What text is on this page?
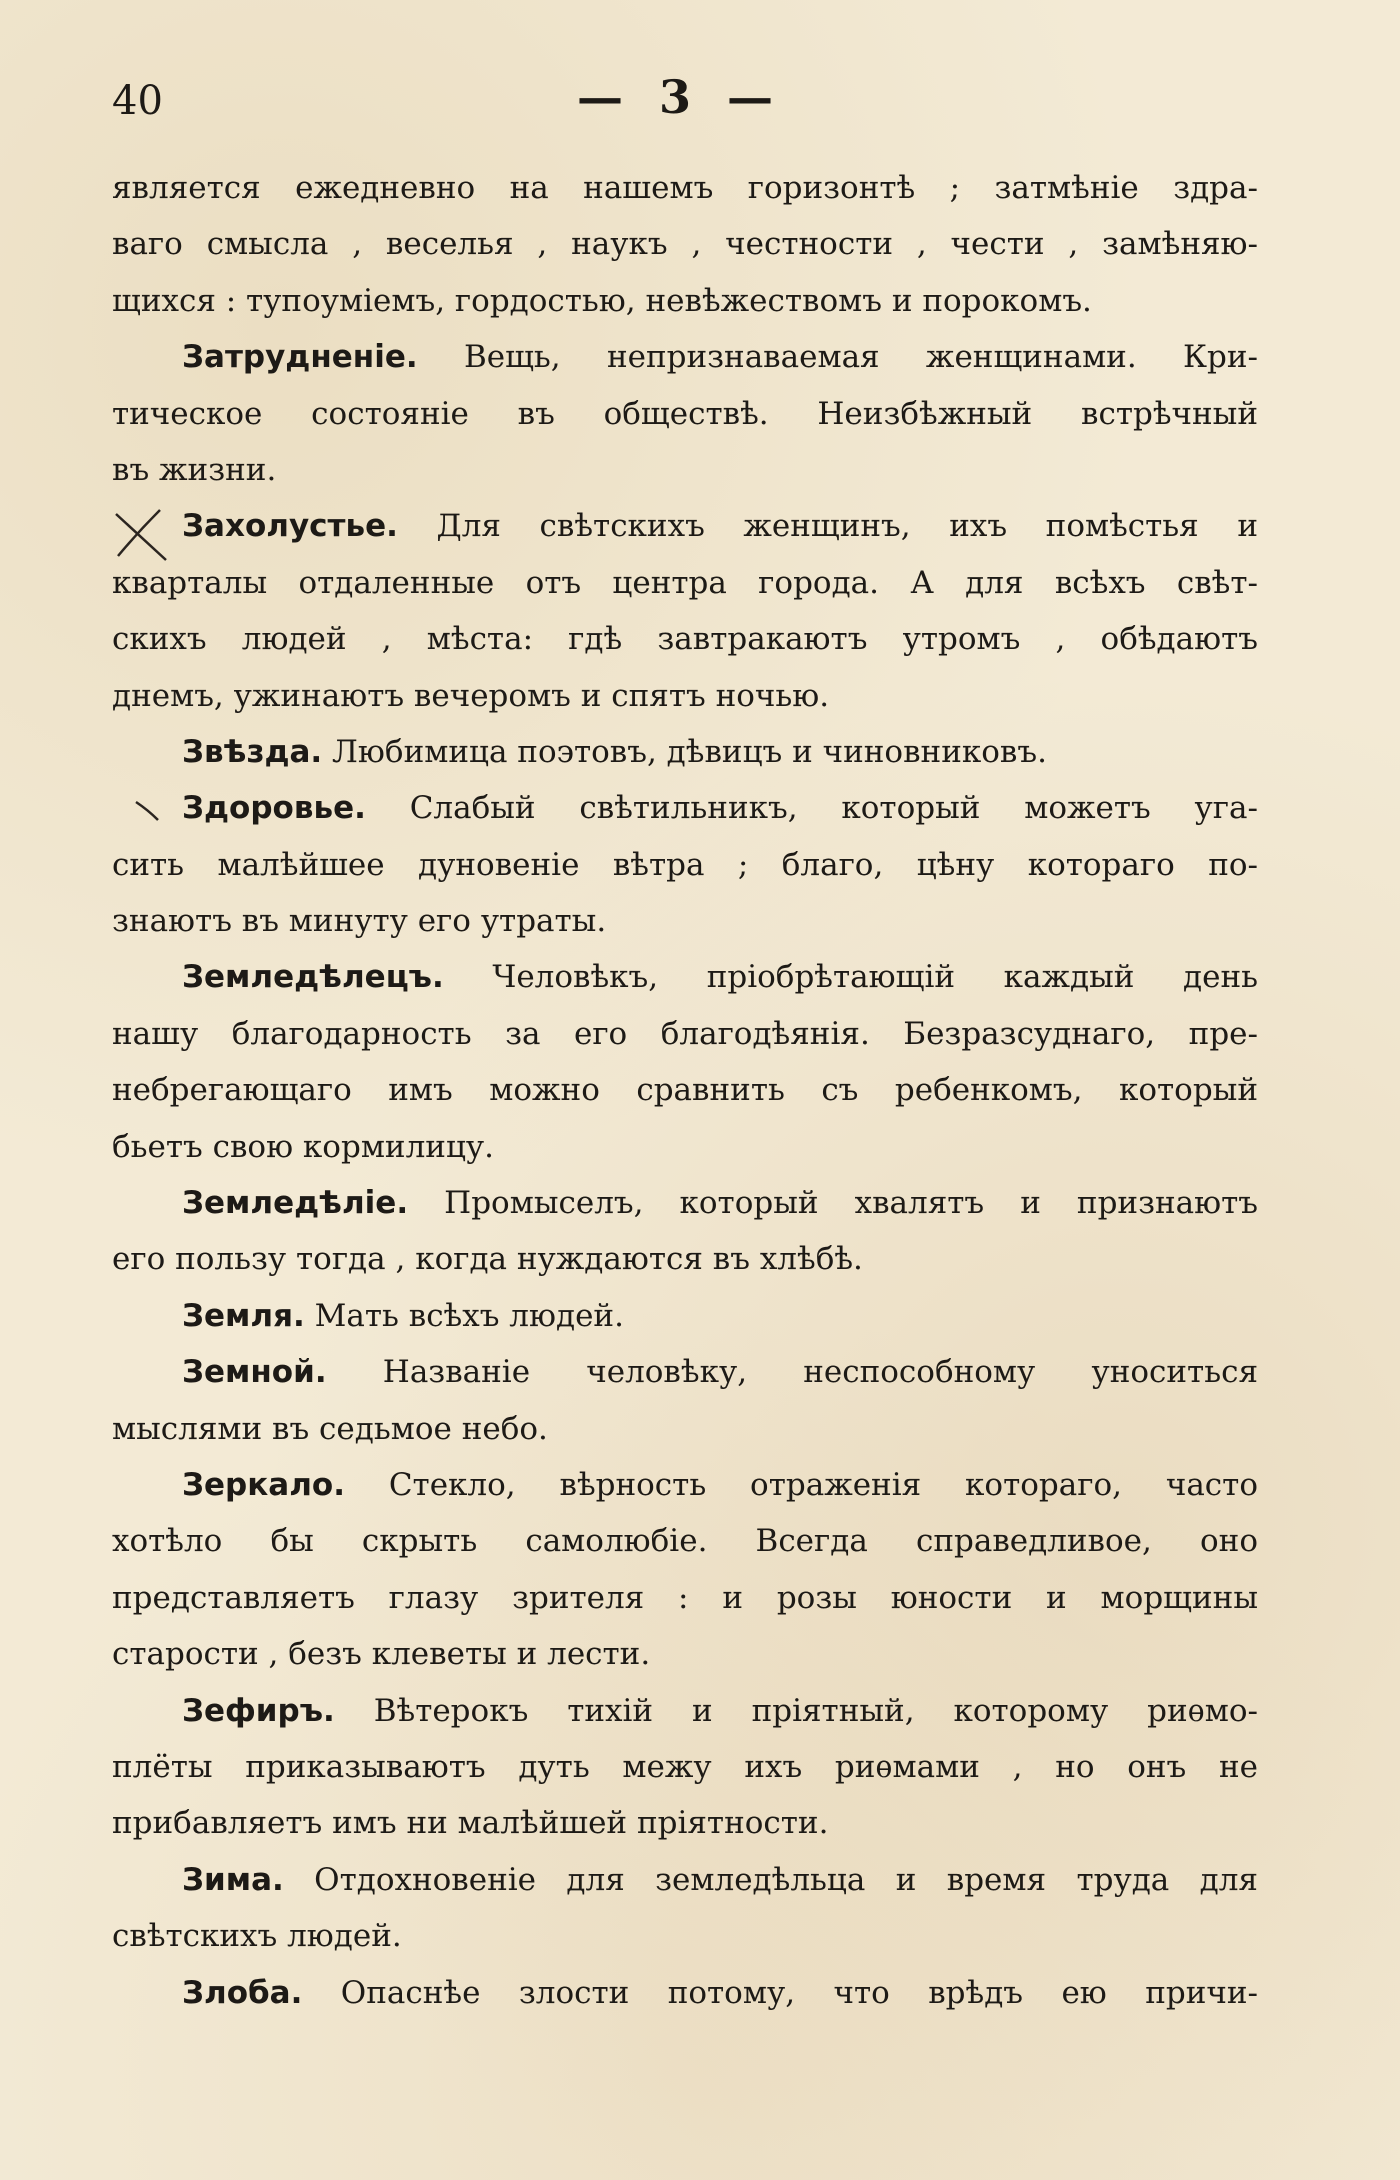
40	— 3 —
является ежедневно на нашемъ горизонтѣ ; затмѣніе здра-
ваго смысла , веселья , наукъ , честности , чести , замѣняю-
щихся : тупоуміемъ, гордостью, невѣжествомъ и порокомъ.
Затрудненіе. Вещь, непризнаваемая женщинами. Кри-
тическое состояніе въ обществѣ. Неизбѣжный встрѣчный
въ жизни.
Захолустье. Для свѣтскихъ женщинъ, ихъ помѣстья и
кварталы отдаленные отъ центра города. А для всѣхъ свѣт-
скихъ людей , мѣста: гдѣ завтракаютъ утромъ , обѣдаютъ
днемъ, ужинаютъ вечеромъ и спятъ ночью.
Звѣзда. Любимица поэтовъ, дѣвицъ и чиновниковъ.
Здоровье. Слабый свѣтильникъ, который можетъ уга-
сить малѣйшее дуновеніе вѣтра ; благо, цѣну котораго по-
знаютъ въ минуту его утраты.
Земледѣлецъ. Человѣкъ, пріобрѣтающій каждый день
нашу благодарность за его благодѣянія. Безразсуднаго, пре-
небрегающаго имъ можно сравнить съ ребенкомъ, который
бьетъ свою кормилицу.
Земледѣліе. Промыселъ, который хвалятъ и признаютъ
его пользу тогда , когда нуждаются въ хлѣбѣ.
Земля. Мать всѣхъ людей.
Земной. Названіе человѣку, неспособному уноситься
мыслями въ седьмое небо.
Зеркало. Стекло, вѣрность отраженія котораго, часто
хотѣло бы скрыть самолюбіе. Всегда справедливое, оно
представляетъ глазу зрителя : и розы юности и морщины
старости , безъ клеветы и лести.
Зефиръ. Вѣтерокъ тихій и пріятный, которому риѳмо-
плёты приказываютъ дуть межу ихъ риѳмами , но онъ не
прибавляетъ имъ ни малѣйшей пріятности.
Зима. Отдохновеніе для земледѣльца и время труда для
свѣтскихъ людей.
Злоба. Опаснѣе злости потому, что врѣдъ ею причи-
